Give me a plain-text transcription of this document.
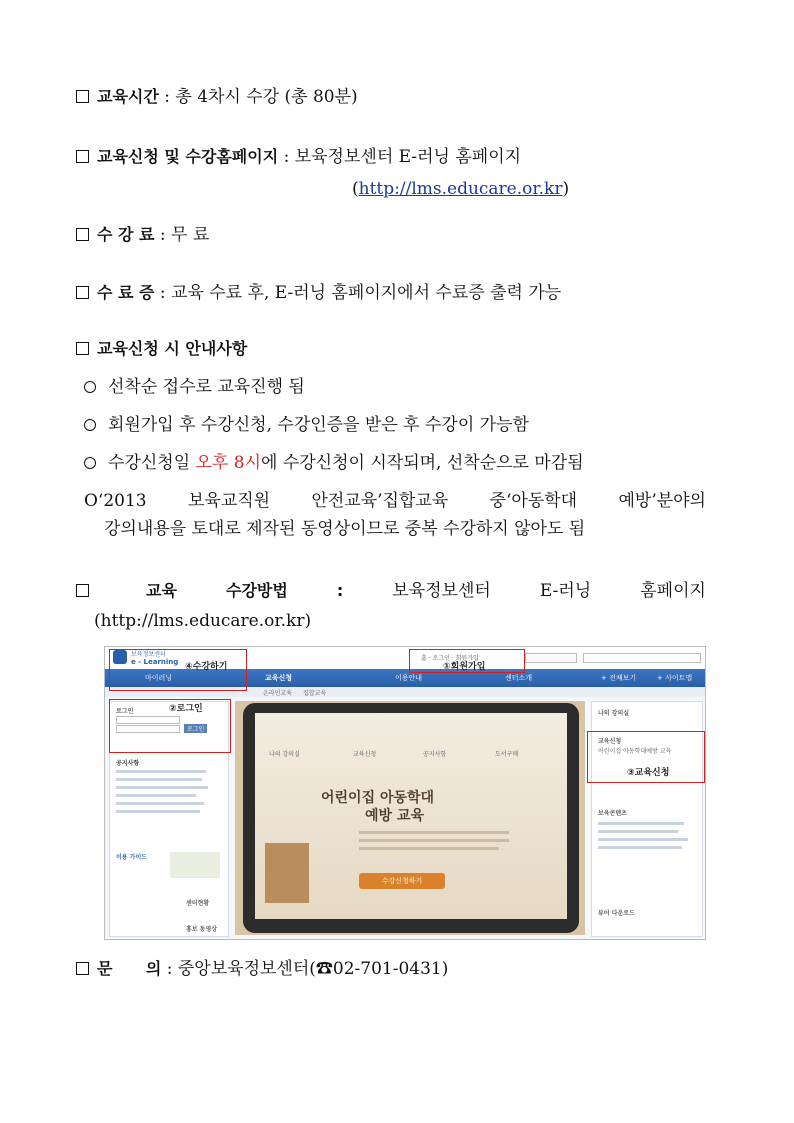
교육시간 : 총 4차시 수강 (총 80분)
교육신청 및 수강홈페이지 : 보육정보센터 E-러닝 홈페이지
(http://lms.educare.or.kr)
수 강 료 : 무 료
수 료 증 : 교육 수료 후, E-러닝 홈페이지에서 수료증 출력 가능
교육신청 시 안내사항
선착순 접수로 교육진행 됨
회원가입 후 수강신청, 수강인증을 받은 후 수강이 가능함
수강신청일 오후 8시에 수강신청이 시작되며, 선착순으로 마감됨
O‘2013 보육교직원 안전교육’집합교육 중‘아동학대 예방’분야의
강의내용을 토대로 제작된 동영상이므로 중복 수강하지 않아도 됨
교육	수강방법	:	보육정보센터	E-러닝	홈페이지
(http://lms.educare.or.kr)
보육정보센터
e - Learning	홈 · 로그인 · 회원가입
마이러닝	교육신청	이용안내	센터소개	+ 전체보기	+ 사이트맵
온라인교육 집합교육
로그인
로그인
공지사항
이용 가이드
센터현황
홍보 동영상
나의 강의실	교육신청	공지사항	도서구매
어린이집 아동학대
예방 교육
수강신청하기
나의 강의실
교육신청
어린이집 아동학대예방 교육
보육콘텐츠
뷰어 다운로드
④수강하기	①회원가입
②로그인
③교육신청
문      의 : 중앙보육정보센터(☎02-701-0431)
